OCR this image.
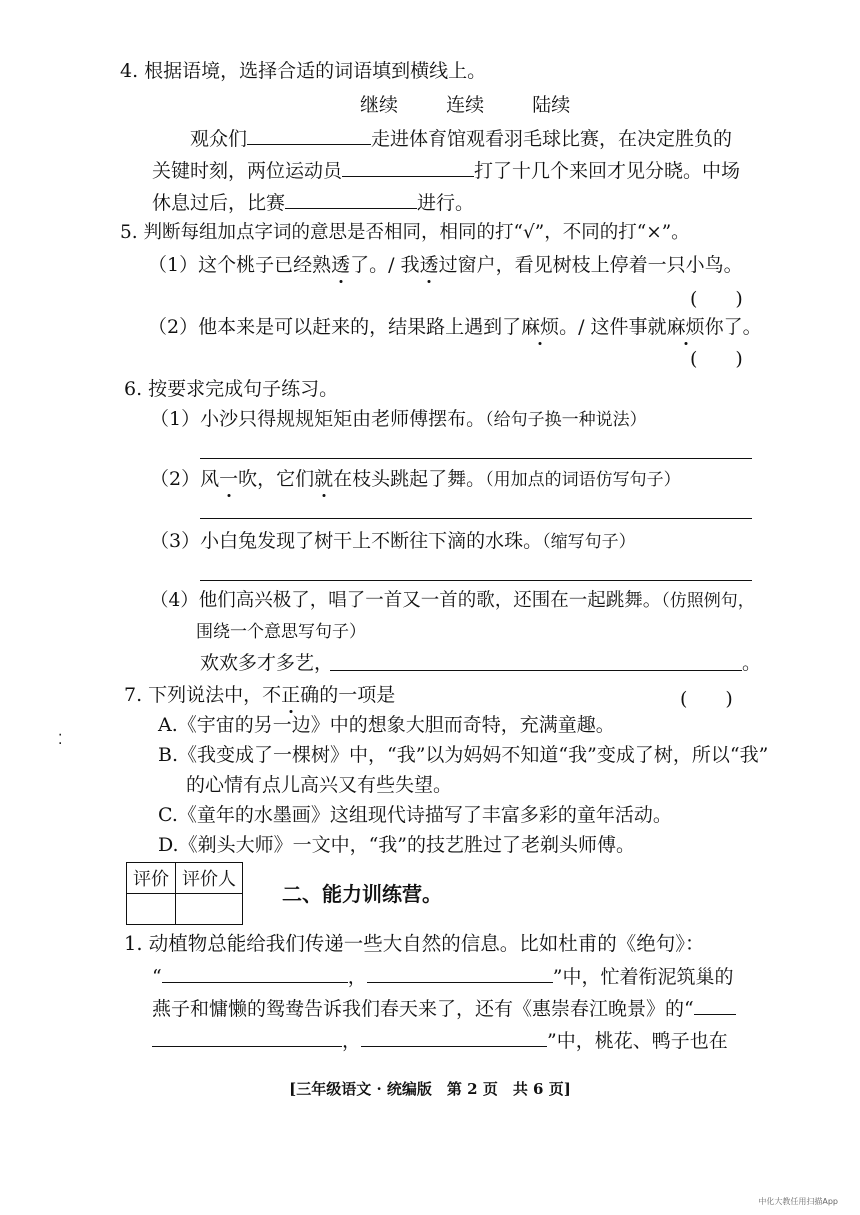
4. 根据语境，选择合适的词语填到横线上。
继续	连续	陆续
观众们	走进体育馆观看羽毛球比赛，在决定胜负的
关键时刻，两位运动员	打了十几个来回才见分晓。中场
休息过后，比赛	进行。
5. 判断每组加点字词的意思是否相同，相同的打“√”，不同的打“×”。
（1）这个桃子已经熟透了。/ 我透过窗户，看见树枝上停着一只小鸟。
(　　)
（2）他本来是可以赶来的，结果路上遇到了麻烦。/ 这件事就麻烦你了。
(　　)
6. 按要求完成句子练习。
（1）小沙只得规规矩矩由老师傅摆布。（给句子换一种说法）
（2）风一吹，它们就在枝头跳起了舞。（用加点的词语仿写句子）
（3）小白兔发现了树干上不断往下滴的水珠。（缩写句子）
（4）他们高兴极了，唱了一首又一首的歌，还围在一起跳舞。（仿照例句，
围绕一个意思写句子）
欢欢多才多艺，	。
7. 下列说法中，不正确的一项是	(　　)
⁚
A.《宇宙的另一边》中的想象大胆而奇特，充满童趣。
B.《我变成了一棵树》中，“我”以为妈妈不知道“我”变成了树，所以“我”
的心情有点儿高兴又有些失望。
C.《童年的水墨画》这组现代诗描写了丰富多彩的童年活动。
D.《剃头大师》一文中，“我”的技艺胜过了老剃头师傅。
评价	评价人

二、能力训练营。
1. 动植物总能给我们传递一些大自然的信息。比如杜甫的《绝句》：
“	，	”中，忙着衔泥筑巢的
燕子和慵懒的鸳鸯告诉我们春天来了，还有《惠崇春江晚景》的“
，	”中，桃花、鸭子也在
[三年级语文 · 统编版　第 2 页　共 6 页]
中化大教任用扫描App
